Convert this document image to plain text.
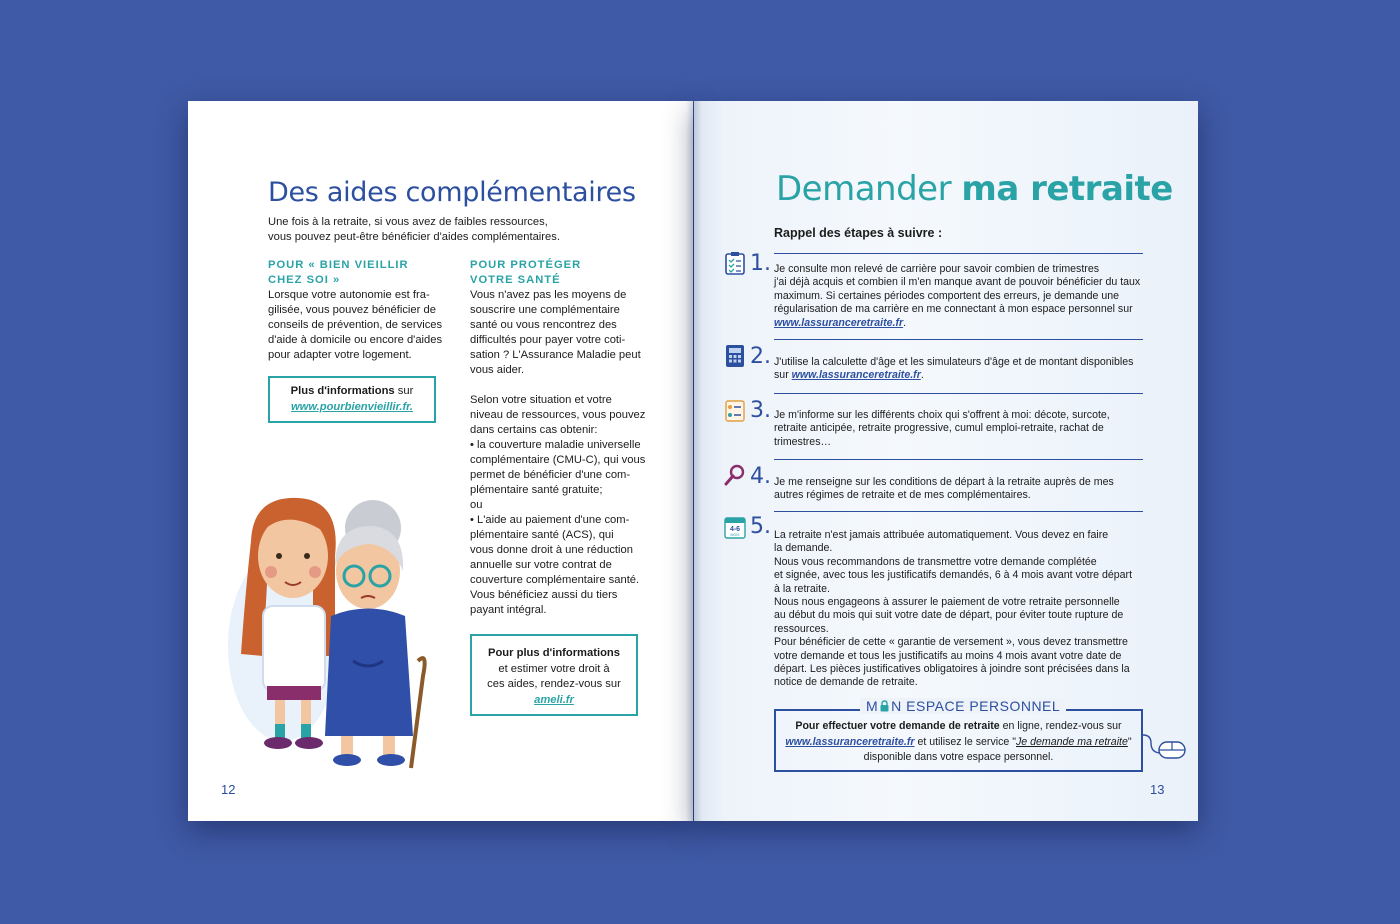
Des aides complémentaires
Une fois à la retraite, si vous avez de faibles ressources,
vous pouvez peut-être bénéficier d'aides complémentaires.
POUR « BIEN VIEILLIR
CHEZ SOI »
Lorsque votre autonomie est fra-
gilisée, vous pouvez bénéficier de
conseils de prévention, de services
d'aide à domicile ou encore d'aides
pour adapter votre logement.
Plus d'informations sur
www.pourbienvieillir.fr.
POUR PROTÉGER
VOTRE SANTÉ
Vous n'avez pas les moyens de
souscrire une complémentaire
santé ou vous rencontrez des
difficultés pour payer votre coti-
sation ? L'Assurance Maladie peut
vous aider.

Selon votre situation et votre
niveau de ressources, vous pouvez
dans certains cas obtenir:
• la couverture maladie universelle
complémentaire (CMU-C), qui vous
permet de bénéficier d'une com-
plémentaire santé gratuite;
ou
• L'aide au paiement d'une com-
plémentaire santé (ACS), qui
vous donne droit à une réduction
annuelle sur votre contrat de
couverture complémentaire santé.
Vous bénéficiez aussi du tiers
payant intégral.
Pour plus d'informations
et estimer votre droit à
ces aides, rendez-vous sur
ameli.fr
12
Demander ma retraite
Rappel des étapes à suivre :
4-6
MOIS
1.
2.
3.
4.
5.
Je consulte mon relevé de carrière pour savoir combien de trimestres
j'ai déjà acquis et combien il m'en manque avant de pouvoir bénéficier du taux
maximum. Si certaines périodes comportent des erreurs, je demande une
régularisation de ma carrière en me connectant à mon espace personnel sur
www.lassuranceretraite.fr.
J'utilise la calculette d'âge et les simulateurs d'âge et de montant disponibles
sur www.lassuranceretraite.fr.
Je m'informe sur les différents choix qui s'offrent à moi: décote, surcote,
retraite anticipée, retraite progressive, cumul emploi-retraite, rachat de
trimestres…
Je me renseigne sur les conditions de départ à la retraite auprès de mes
autres régimes de retraite et de mes complémentaires.
La retraite n'est jamais attribuée automatiquement. Vous devez en faire
la demande.
Nous vous recommandons de transmettre votre demande complétée
et signée, avec tous les justificatifs demandés, 6 à 4 mois avant votre départ
à la retraite.
Nous nous engageons à assurer le paiement de votre retraite personnelle
au début du mois qui suit votre date de départ, pour éviter toute rupture de
ressources.
Pour bénéficier de cette « garantie de versement », vous devez transmettre
votre demande et tous les justificatifs au moins 4 mois avant votre date de
départ. Les pièces justificatives obligatoires à joindre sont précisées dans la
notice de demande de retraite.
M N ESPACE PERSONNEL
Pour effectuer votre demande de retraite en ligne, rendez-vous sur
www.lassuranceretraite.fr et utilisez le service "Je demande ma retraite"
disponible dans votre espace personnel.
13
